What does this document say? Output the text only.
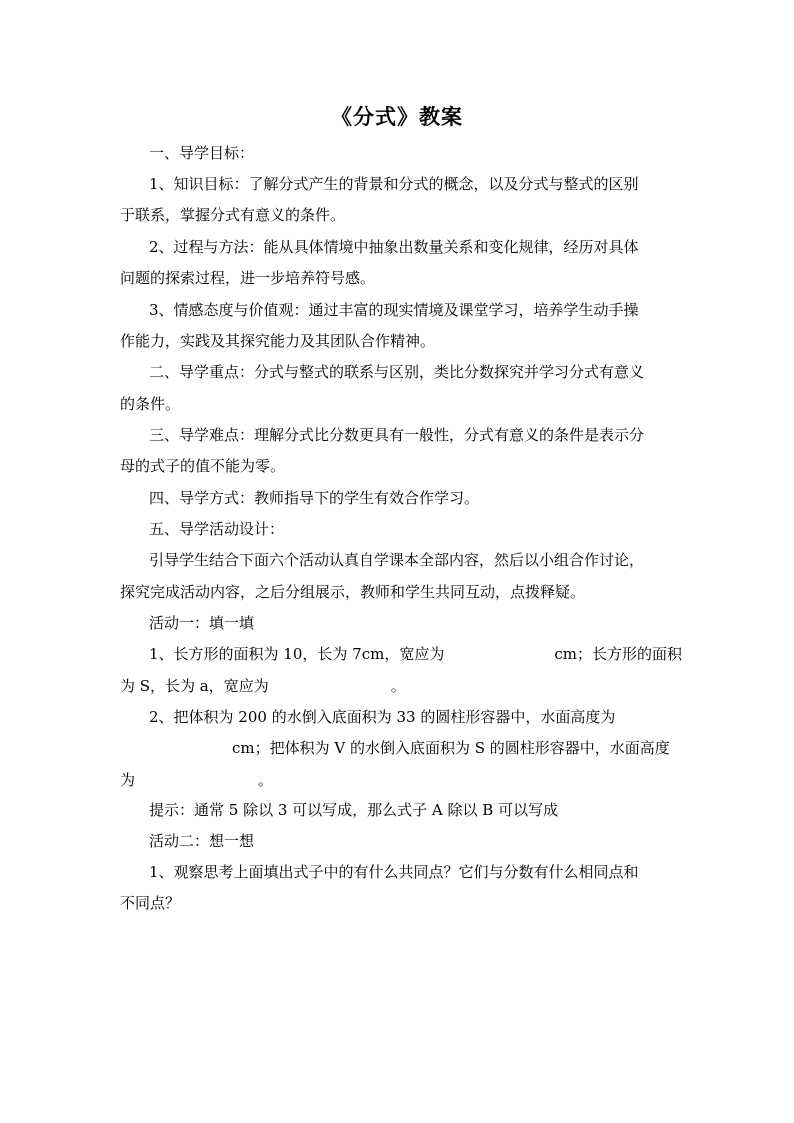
《分式》教案
一、导学目标：
1、知识目标：了解分式产生的背景和分式的概念，以及分式与整式的区别
于联系，掌握分式有意义的条件。
2、过程与方法：能从具体情境中抽象出数量关系和变化规律，经历对具体
问题的探索过程，进一步培养符号感。
3、情感态度与价值观：通过丰富的现实情境及课堂学习，培养学生动手操
作能力，实践及其探究能力及其团队合作精神。
二、导学重点：分式与整式的联系与区别，类比分数探究并学习分式有意义
的条件。
三、导学难点：理解分式比分数更具有一般性，分式有意义的条件是表示分
母的式子的值不能为零。
四、导学方式：教师指导下的学生有效合作学习。
五、导学活动设计：
引导学生结合下面六个活动认真自学课本全部内容，然后以小组合作讨论，
探究完成活动内容，之后分组展示，教师和学生共同互动，点拨释疑。
活动一：填一填
1、长方形的面积为 10，长为 7cm，宽应为	cm；长方形的面积
为 S，长为 a，宽应为	。
2、把体积为 200 的水倒入底面积为 33 的圆柱形容器中，水面高度为
cm；把体积为 V 的水倒入底面积为 S 的圆柱形容器中，水面高度
为	。
提示：通常 5 除以 3 可以写成，那么式子 A 除以 B 可以写成
活动二：想一想
1、观察思考上面填出式子中的有什么共同点？它们与分数有什么相同点和
不同点？
